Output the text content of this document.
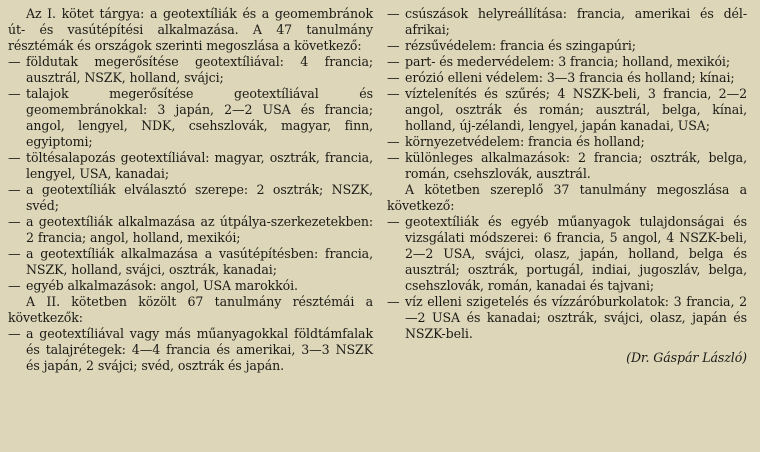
Az I. kötet tárgya: a geotextíliák és a geomembránok út- és vasútépítési alkalmazása. A 47 tanulmány résztémák és országok szerinti megoszlása a következő:

— földutak megerősítése geotextíliával: 4 francia; ausztrál, NSZK, holland, svájci;

— talajok megerősítése geotextíliával és geomembránokkal: 3 japán, 2—2 USA és francia; angol, lengyel, NDK, csehszlovák, magyar, finn, egyiptomi;

— töltésalapozás geotextíliával: magyar, osztrák, francia, lengyel, USA, kanadai;

— a geotextíliák elválasztó szerepe: 2 osztrák; NSZK, svéd;

— a geotextíliák alkalmazása az útpálya-szerkezetekben: 2 francia; angol, holland, mexikói;

— a geotextíliák alkalmazása a vasútépítésben: francia, NSZK, holland, svájci, osztrák, kanadai;

— egyéb alkalmazások: angol, USA marokkói.

A II. kötetben közölt 67 tanulmány résztémái a következők:

— a geotextíliával vagy más műanyagokkal földtámfalak és talajrétegek: 4—4 francia és amerikai, 3—3 NSZK és japán, 2 svájci; svéd, osztrák és japán.

— csúszások helyreállítása: francia, amerikai és dél-afrikai;

— rézsűvédelem: francia és szingapúri;

— part- és medervédelem: 3 francia; holland, mexikói;

— erózió elleni védelem: 3—3 francia és holland; kínai;

— víztelenítés és szűrés; 4 NSZK-beli, 3 francia, 2—2 angol, osztrák és román; ausztrál, belga, kínai, holland, új-zélandi, lengyel, japán kanadai, USA;

— környezetvédelem: francia és holland;

— különleges alkalmazások: 2 francia; osztrák, belga, román, csehszlovák, ausztrál.

A kötetben szereplő 37 tanulmány megoszlása a következő:

— geotextíliák és egyéb műanyagok tulajdonságai és vizsgálati módszerei: 6 francia, 5 angol, 4 NSZK-beli, 2—2 USA, svájci, olasz, japán, holland, belga és ausztrál; osztrák, portugál, indiai, jugoszláv, belga, csehszlovák, román, kanadai és tajvani;

— víz elleni szigetelés és vízzáróburkolatok: 3 francia, 2—2 USA és kanadai; osztrák, svájci, olasz, japán és NSZK-beli.

(Dr. Gáspár László)
